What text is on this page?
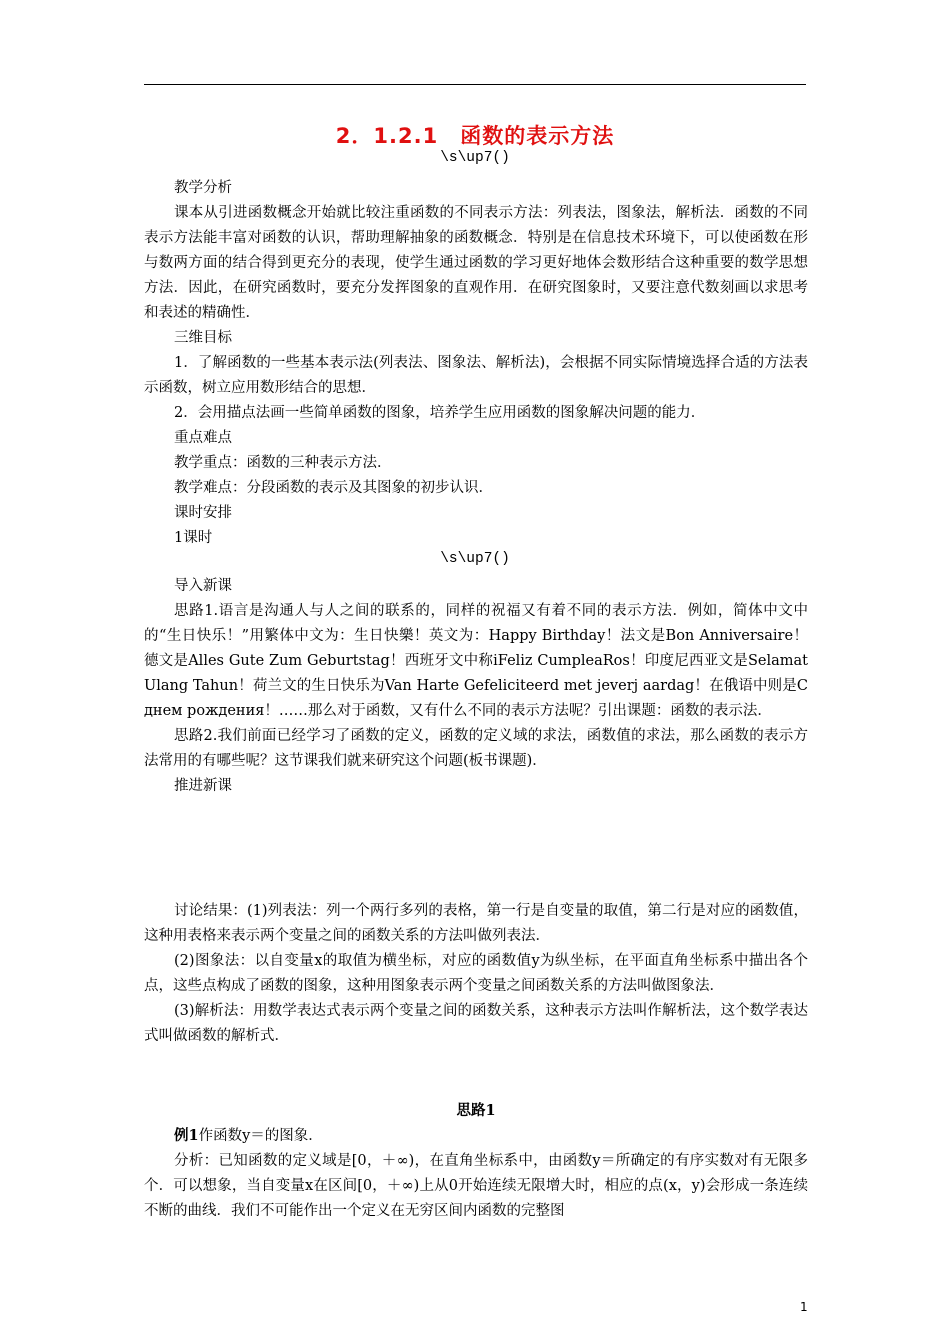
2．1.2.1　函数的表示方法
\s\up7()

教学分析

课本从引进函数概念开始就比较注重函数的不同表示方法：列表法，图象法，解析法．函数的不同表示方法能丰富对函数的认识，帮助理解抽象的函数概念．特别是在信息技术环境下，可以使函数在形与数两方面的结合得到更充分的表现，使学生通过函数的学习更好地体会数形结合这种重要的数学思想方法．因此，在研究函数时，要充分发挥图象的直观作用．在研究图象时，又要注意代数刻画以求思考和表述的精确性．

三维目标

1．了解函数的一些基本表示法(列表法、图象法、解析法)，会根据不同实际情境选择合适的方法表示函数，树立应用数形结合的思想．

2．会用描点法画一些简单函数的图象，培养学生应用函数的图象解决问题的能力．

重点难点

教学重点：函数的三种表示方法．

教学难点：分段函数的表示及其图象的初步认识．

课时安排

1课时

\s\up7()

导入新课

思路1.语言是沟通人与人之间的联系的，同样的祝福又有着不同的表示方法．例如，简体中文中的“生日快乐！”用繁体中文为：生日快樂！英文为：Happy Birthday！法文是Bon Anniversaire！德文是Alles Gute Zum Geburtstag！西班牙文中称iFeliz CumpleaRos！印度尼西亚文是Selamat Ulang Tahun！荷兰文的生日快乐为Van Harte Gefeliciteerd met jeverj aardag！在俄语中则是С днем рождения！……那么对于函数，又有什么不同的表示方法呢？引出课题：函数的表示法．

思路2.我们前面已经学习了函数的定义，函数的定义域的求法，函数值的求法，那么函数的表示方法常用的有哪些呢？这节课我们就来研究这个问题(板书课题)．

推进新课

讨论结果：(1)列表法：列一个两行多列的表格，第一行是自变量的取值，第二行是对应的函数值，这种用表格来表示两个变量之间的函数关系的方法叫做列表法．

(2)图象法：以自变量x的取值为横坐标，对应的函数值y为纵坐标，在平面直角坐标系中描出各个点，这些点构成了函数的图象，这种用图象表示两个变量之间函数关系的方法叫做图象法．

(3)解析法：用数学表达式表示两个变量之间的函数关系，这种表示方法叫作解析法，这个数学表达式叫做函数的解析式．

思路1

例1作函数y＝的图象．

分析：已知函数的定义域是[0，＋∞)，在直角坐标系中，由函数y＝所确定的有序实数对有无限多个．可以想象，当自变量x在区间[0，＋∞)上从0开始连续无限增大时，相应的点(x，y)会形成一条连续不断的曲线．我们不可能作出一个定义在无穷区间内函数的完整图

1
